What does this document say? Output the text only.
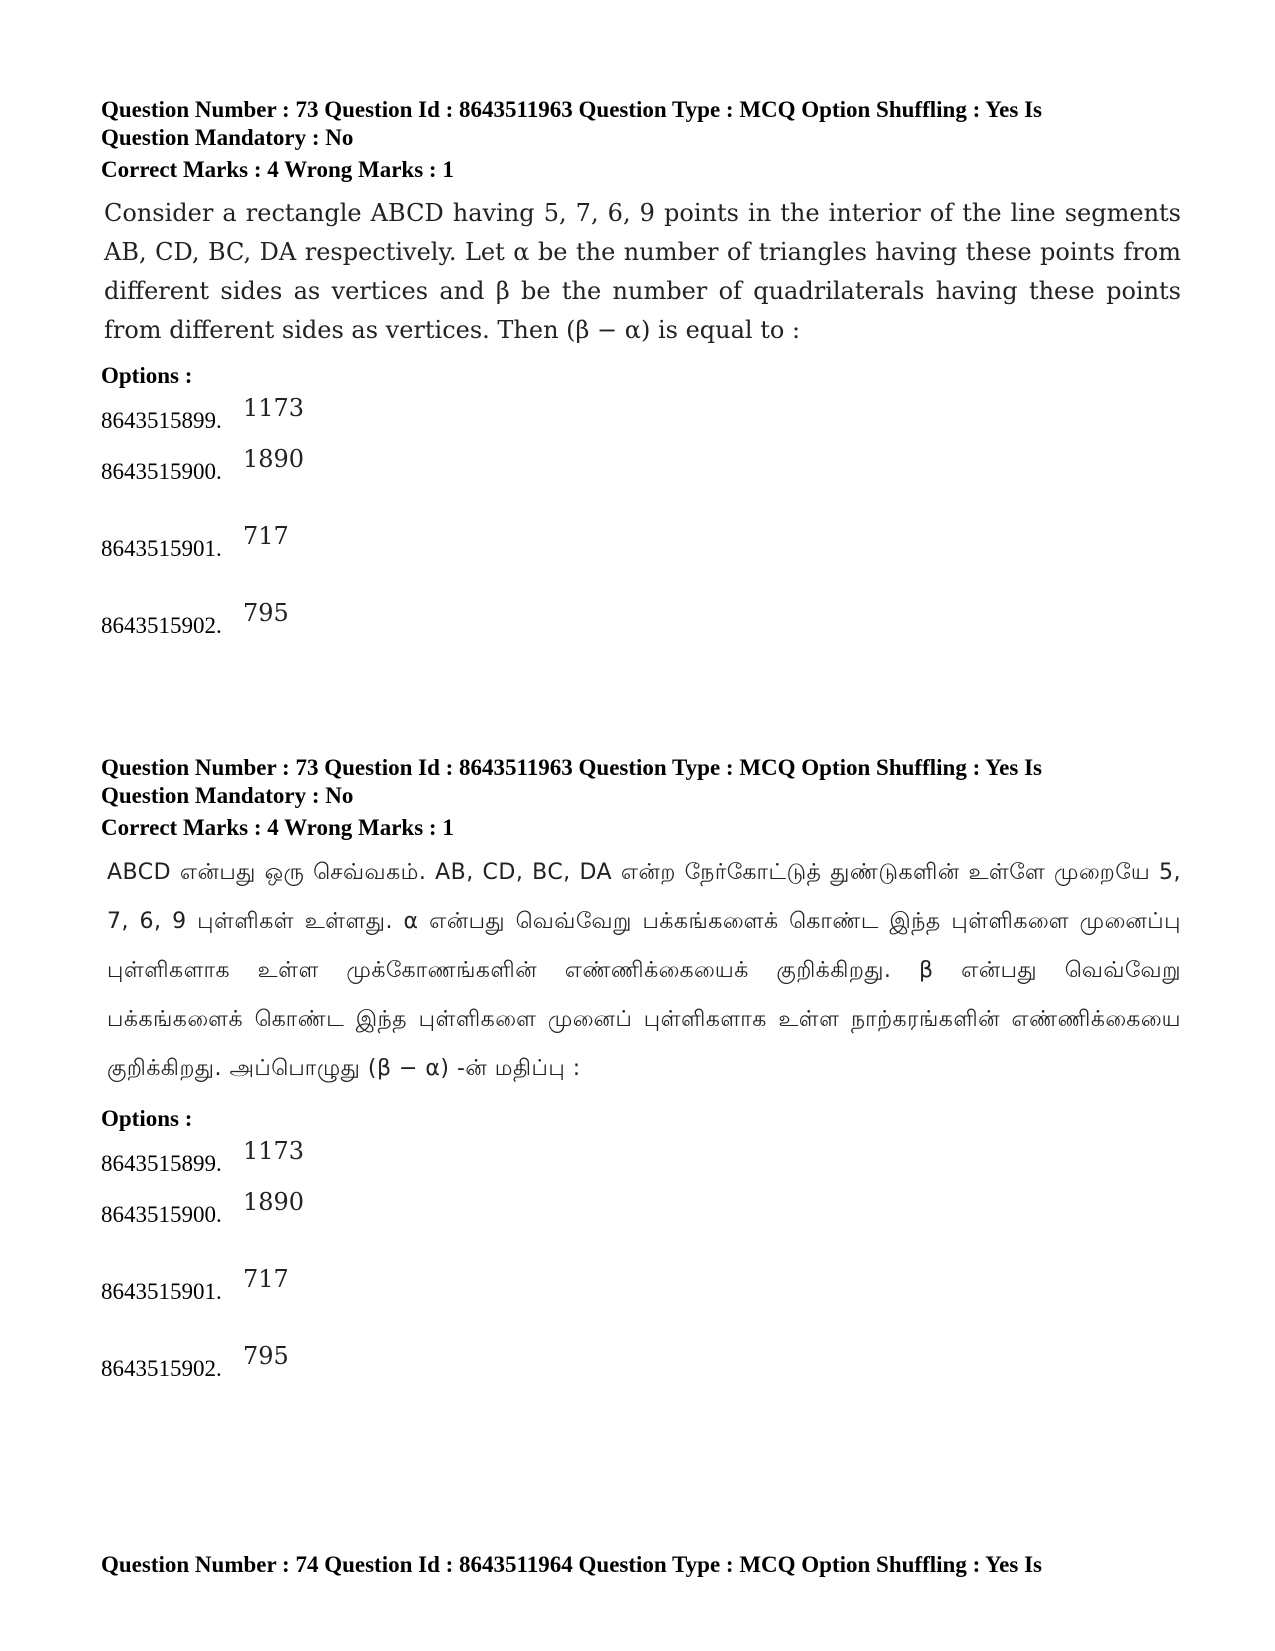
Question Number : 73 Question Id : 8643511963 Question Type : MCQ Option Shuffling : Yes Is
Question Mandatory : No

Correct Marks : 4 Wrong Marks : 1

Consider a rectangle ABCD having 5, 7, 6, 9 points in the interior of the line segments AB, CD, BC, DA respectively. Let α be the number of triangles having these points from different sides as vertices and β be the number of quadrilaterals having these points from different sides as vertices. Then (β − α) is equal to :

Options :

8643515899. 1173
8643515900. 1890
8643515901. 717
8643515902. 795

Question Number : 73 Question Id : 8643511963 Question Type : MCQ Option Shuffling : Yes Is
Question Mandatory : No

Correct Marks : 4 Wrong Marks : 1

ABCD என்பது ஒரு செவ்வகம். AB, CD, BC, DA என்ற நேர்கோட்டுத் துண்டுகளின் உள்ளே முறையே 5, 7, 6, 9 புள்ளிகள் உள்ளது. α என்பது வெவ்வேறு பக்கங்களைக் கொண்ட இந்த புள்ளிகளை முனைப்பு புள்ளிகளாக உள்ள முக்கோணங்களின் எண்ணிக்கையைக் குறிக்கிறது. β என்பது வெவ்வேறு பக்கங்களைக் கொண்ட இந்த புள்ளிகளை முனைப் புள்ளிகளாக உள்ள நாற்கரங்களின் எண்ணிக்கையை குறிக்கிறது. அப்பொழுது (β − α) -ன் மதிப்பு :

Options :

8643515899. 1173
8643515900. 1890
8643515901. 717
8643515902. 795

Question Number : 74 Question Id : 8643511964 Question Type : MCQ Option Shuffling : Yes Is
